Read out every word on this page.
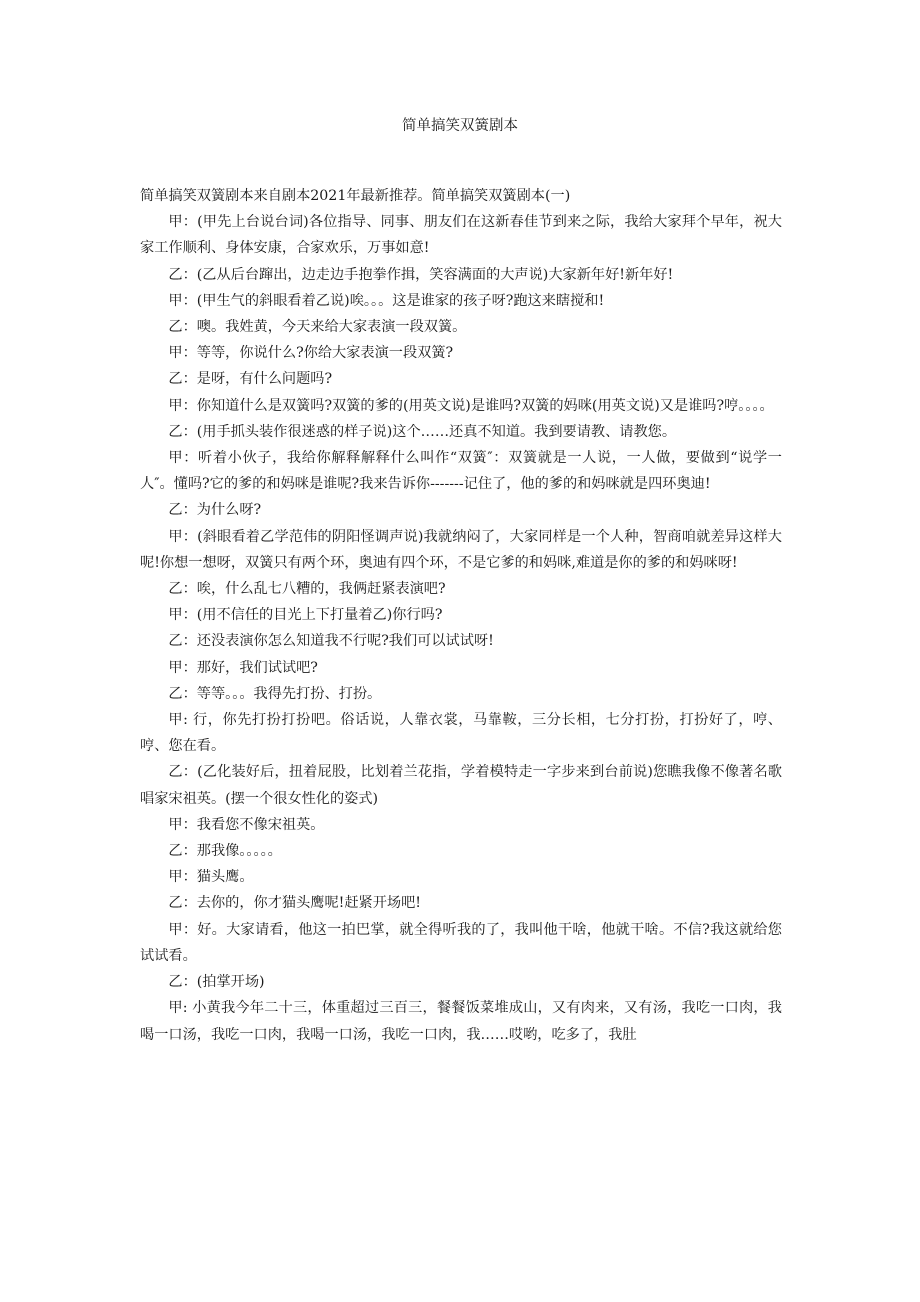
简单搞笑双簧剧本

简单搞笑双簧剧本来自剧本2021年最新推荐。简单搞笑双簧剧本(一)

甲：(甲先上台说台词)各位指导、同事、朋友们在这新春佳节到来之际，我给大家拜个早年，祝大家工作顺利、身体安康，合家欢乐，万事如意!

乙：(乙从后台蹿出，边走边手抱拳作揖，笑容满面的大声说)大家新年好!新年好!

甲：(甲生气的斜眼看着乙说)唉。。。这是谁家的孩子呀?跑这来瞎搅和!

乙：噢。我姓黄，今天来给大家表演一段双簧。

甲：等等，你说什么?你给大家表演一段双簧?

乙：是呀，有什么问题吗?

甲：你知道什么是双簧吗?双簧的爹的(用英文说)是谁吗?双簧的妈咪(用英文说)又是谁吗?哼。。。。

乙：(用手抓头装作很迷惑的样子说)这个……还真不知道。我到要请教、请教您。

甲：听着小伙子，我给你解释解释什么叫作“双簧″：双簧就是一人说，一人做，要做到“说学一人″。懂吗?它的爹的和妈咪是谁呢?我来告诉你-------记住了，他的爹的和妈咪就是四环奥迪!

乙：为什么呀?

甲：(斜眼看着乙学范伟的阴阳怪调声说)我就纳闷了，大家同样是一个人种，智商咱就差异这样大呢!你想一想呀，双簧只有两个环，奥迪有四个环，不是它爹的和妈咪,难道是你的爹的和妈咪呀!

乙：唉，什么乱七八糟的，我俩赶紧表演吧?

甲：(用不信任的目光上下打量着乙)你行吗?

乙：还没表演你怎么知道我不行呢?我们可以试试呀!

甲：那好，我们试试吧?

乙：等等。。。我得先打扮、打扮。

甲: 行，你先打扮打扮吧。俗话说，人靠衣裳，马靠鞍，三分长相，七分打扮，打扮好了，哼、哼、您在看。

乙：(乙化装好后，扭着屁股，比划着兰花指，学着模特走一字步来到台前说)您瞧我像不像著名歌唱家宋祖英。(摆一个很女性化的姿式)

甲：我看您不像宋祖英。

乙：那我像。。。。。

甲：猫头鹰。

乙：去你的，你才猫头鹰呢!赶紧开场吧!

甲：好。大家请看，他这一拍巴掌，就全得听我的了，我叫他干啥，他就干啥。不信?我这就给您试试看。

乙：(拍掌开场)

甲: 小黄我今年二十三，体重超过三百三，餐餐饭菜堆成山，又有肉来，又有汤，我吃一口肉，我喝一口汤，我吃一口肉，我喝一口汤，我吃一口肉，我……哎哟，吃多了，我肚
